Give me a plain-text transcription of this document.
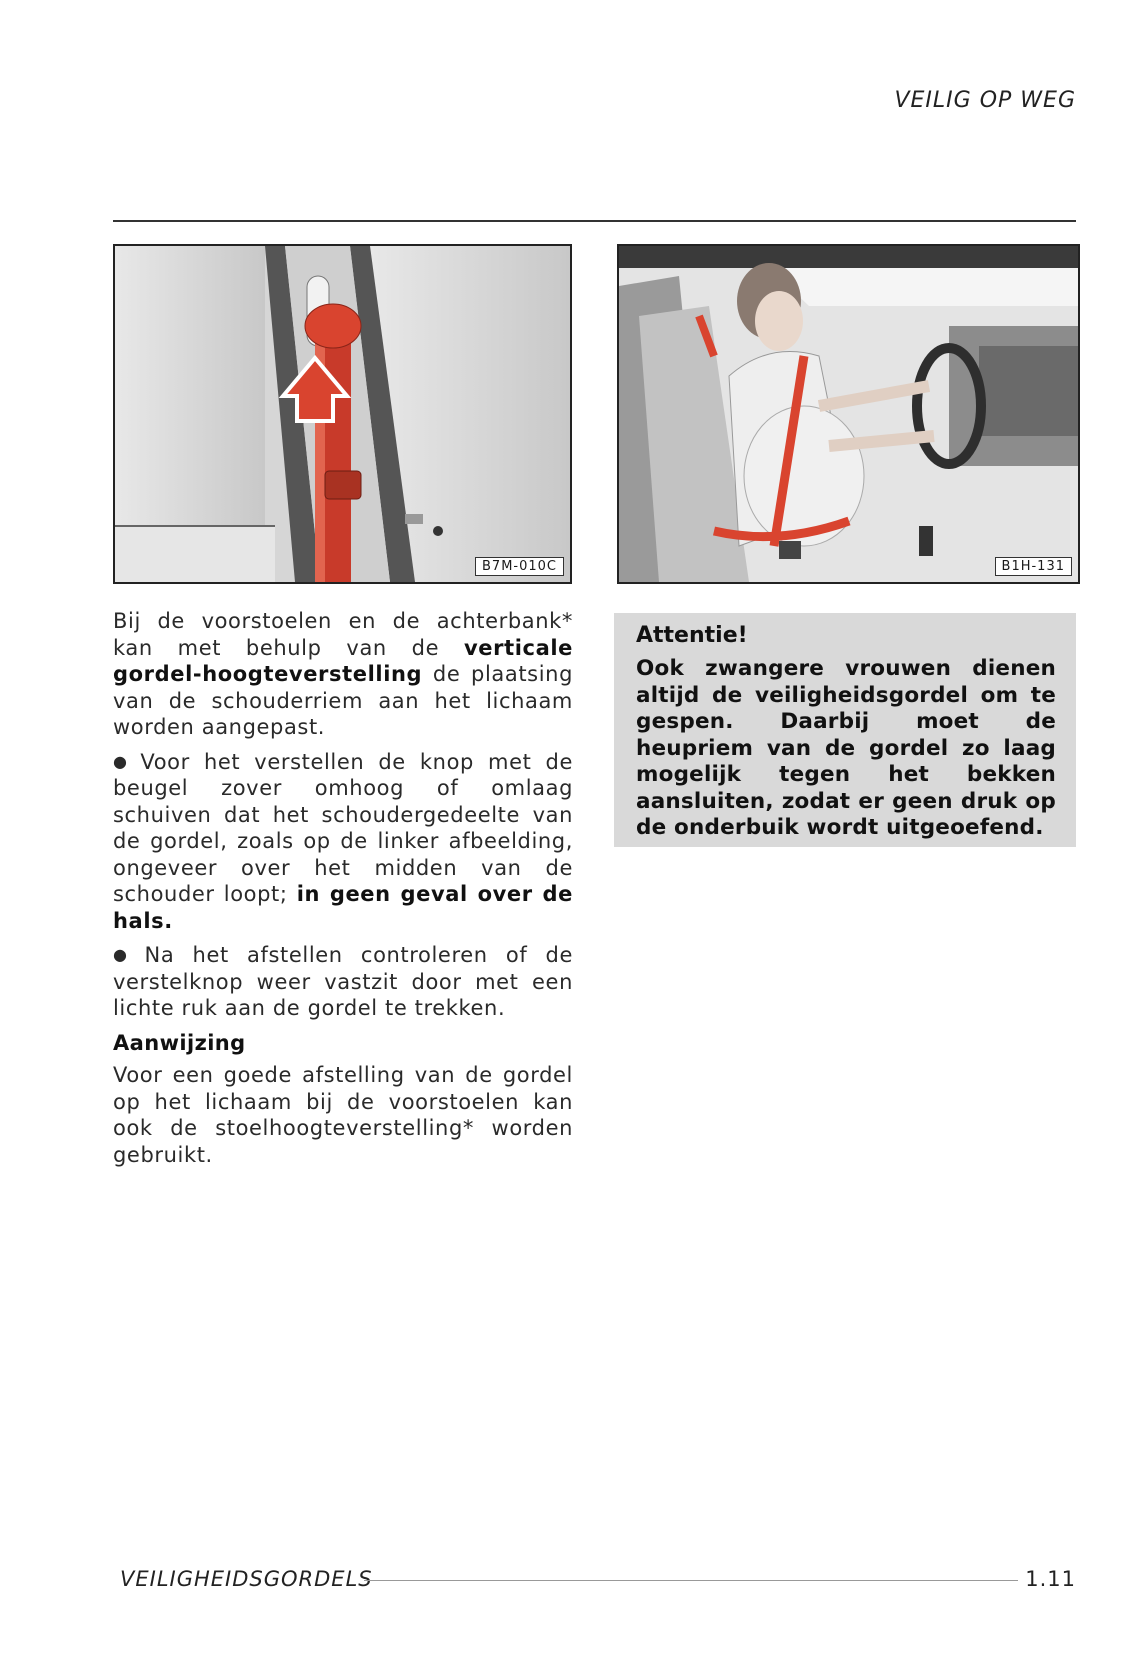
VEILIG OP WEG
B7M-010C	B1H-131

Bij de voorstoelen en de achterbank* kan met behulp van de verticale gordel-hoogteverstelling de plaatsing van de schouderriem aan het lichaam worden aangepast.

● Voor het verstellen de knop met de beugel zover omhoog of omlaag schuiven dat het schoudergedeelte van de gordel, zoals op de linker afbeelding, ongeveer over het midden van de schouder loopt; in geen geval over de hals.

● Na het afstellen controleren of de verstelknop weer vastzit door met een lichte ruk aan de gordel te trekken.

Aanwijzing

Voor een goede afstelling van de gordel op het lichaam bij de voorstoelen kan ook de stoelhoogteverstelling* worden gebruikt.

Attentie!
Ook zwangere vrouwen dienen altijd de veiligheidsgordel om te gespen. Daarbij moet de heupriem van de gordel zo laag mogelijk tegen het bekken aansluiten, zodat er geen druk op de onderbuik wordt uitgeoefend.
VEILIGHEIDSGORDELS	1.11
